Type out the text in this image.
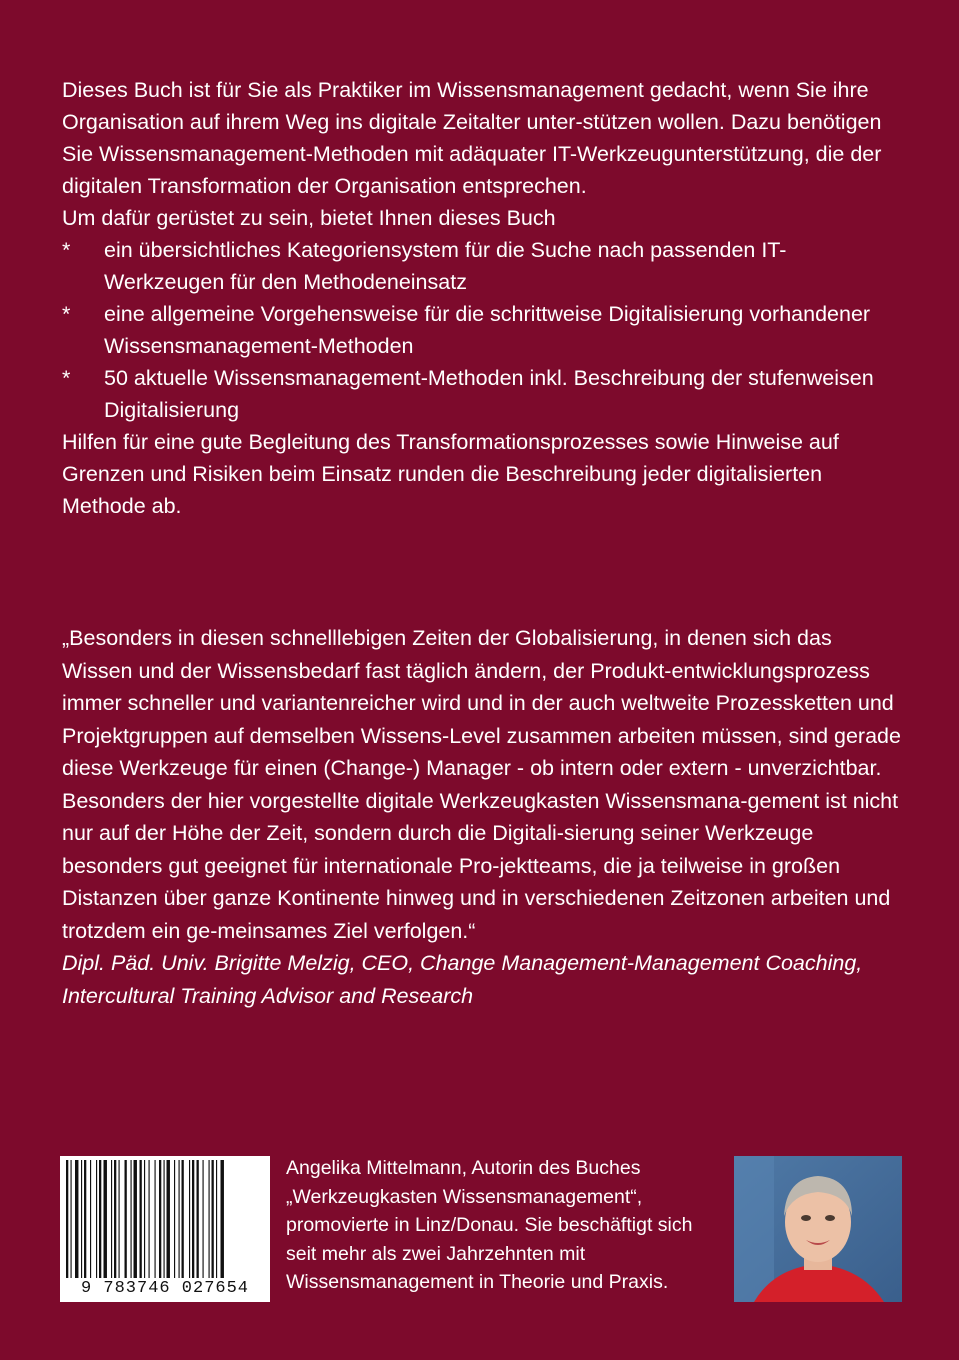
Dieses Buch ist für Sie als Praktiker im Wissensmanagement gedacht, wenn Sie ihre Organisation auf ihrem Weg ins digitale Zeitalter unter-stützen wollen. Dazu benötigen Sie Wissensmanagement-Methoden mit adäquater IT-Werkzeugunterstützung, die der digitalen Transformation der Organisation entsprechen.

Um dafür gerüstet zu sein, bietet Ihnen dieses Buch

*	ein übersichtliches Kategoriensystem für die Suche nach passenden IT-Werkzeugen für den Methodeneinsatz
*	eine allgemeine Vorgehensweise für die schrittweise Digitalisierung vorhandener Wissensmanagement-Methoden
*	50 aktuelle Wissensmanagement-Methoden inkl. Beschreibung der stufenweisen Digitalisierung

Hilfen für eine gute Begleitung des Transformationsprozesses sowie Hinweise auf Grenzen und Risiken beim Einsatz runden die Beschreibung jeder digitalisierten Methode ab.

„Besonders in diesen schnelllebigen Zeiten der Globalisierung, in denen sich das Wissen und der Wissensbedarf fast täglich ändern, der Produkt-entwicklungsprozess immer schneller und variantenreicher wird und in der auch weltweite Prozessketten und Projektgruppen auf demselben Wissens-Level zusammen arbeiten müssen, sind gerade diese Werkzeuge für einen (Change-) Manager - ob intern oder extern - unverzichtbar. Besonders der hier vorgestellte digitale Werkzeugkasten Wissensmana-gement ist nicht nur auf der Höhe der Zeit, sondern durch die Digitali-sierung seiner Werkzeuge besonders gut geeignet für internationale Pro-jektteams, die ja teilweise in großen Distanzen über ganze Kontinente hinweg und in verschiedenen Zeitzonen arbeiten und trotzdem ein ge-meinsames Ziel verfolgen.“

Dipl. Päd. Univ. Brigitte Melzig, CEO, Change Management-Management Coaching, Intercultural Training Advisor and Research

9 783746 027654

Angelika Mittelmann, Autorin des Buches „Werkzeugkasten Wissensmanagement“, promovierte in Linz/Donau. Sie beschäftigt sich seit mehr als zwei Jahrzehnten mit Wissensmanagement in Theorie und Praxis.
